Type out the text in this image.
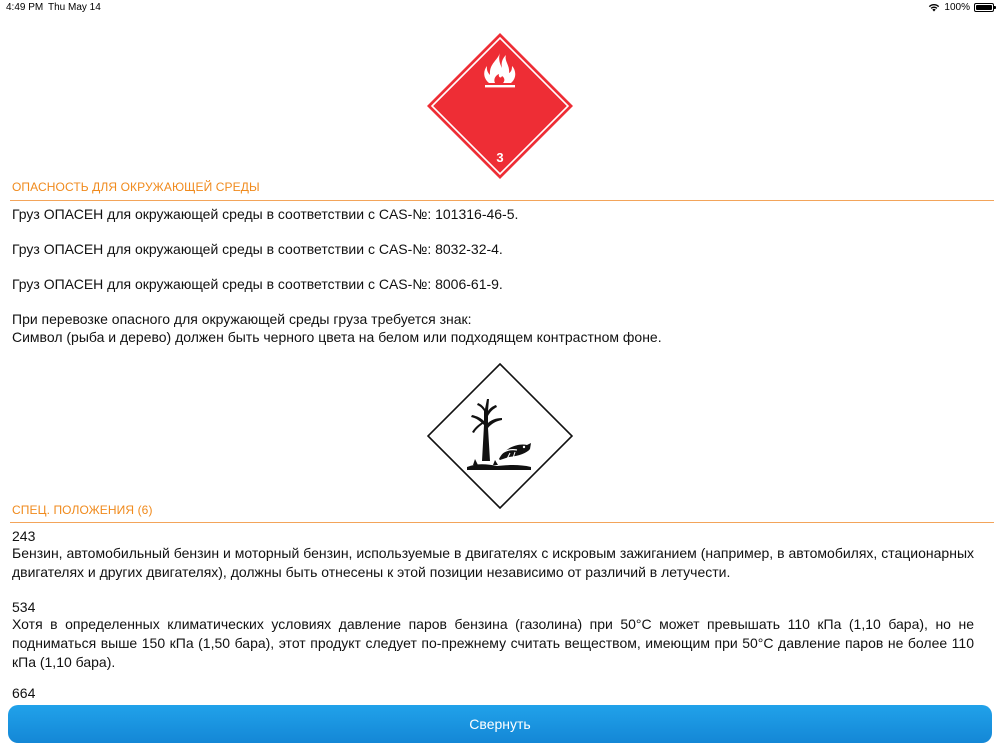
4:49 PM Thu May 14	100%
3
ОПАСНОСТЬ ДЛЯ ОКРУЖАЮЩЕЙ СРЕДЫ
Груз ОПАСЕН для окружающей среды в соответствии с CAS-№: 101316-46-5.
Груз ОПАСЕН для окружающей среды в соответствии с CAS-№: 8032-32-4.
Груз ОПАСЕН для окружающей среды в соответствии с CAS-№: 8006-61-9.
При перевозке опасного для окружающей среды груза требуется знак:
Символ (рыба и дерево) должен быть черного цвета на белом или подходящем контрастном фоне.
СПЕЦ. ПОЛОЖЕНИЯ (6)
243
Бензин, автомобильный бензин и моторный бензин, используемые в двигателях с искровым зажиганием (например, в автомобилях, стационарных двигателях и других двигателях), должны быть отнесены к этой позиции независимо от различий в летучести.
534
Хотя в определенных климатических условиях давление паров бензина (газолина) при 50°С может превышать 110 кПа (1,10 бара), но не подниматься выше 150 кПа (1,50 бара), этот продукт следует по-прежнему считать веществом, имеющим при 50°С давление паров не более 110 кПа (1,10 бара).
664
Свернуть
